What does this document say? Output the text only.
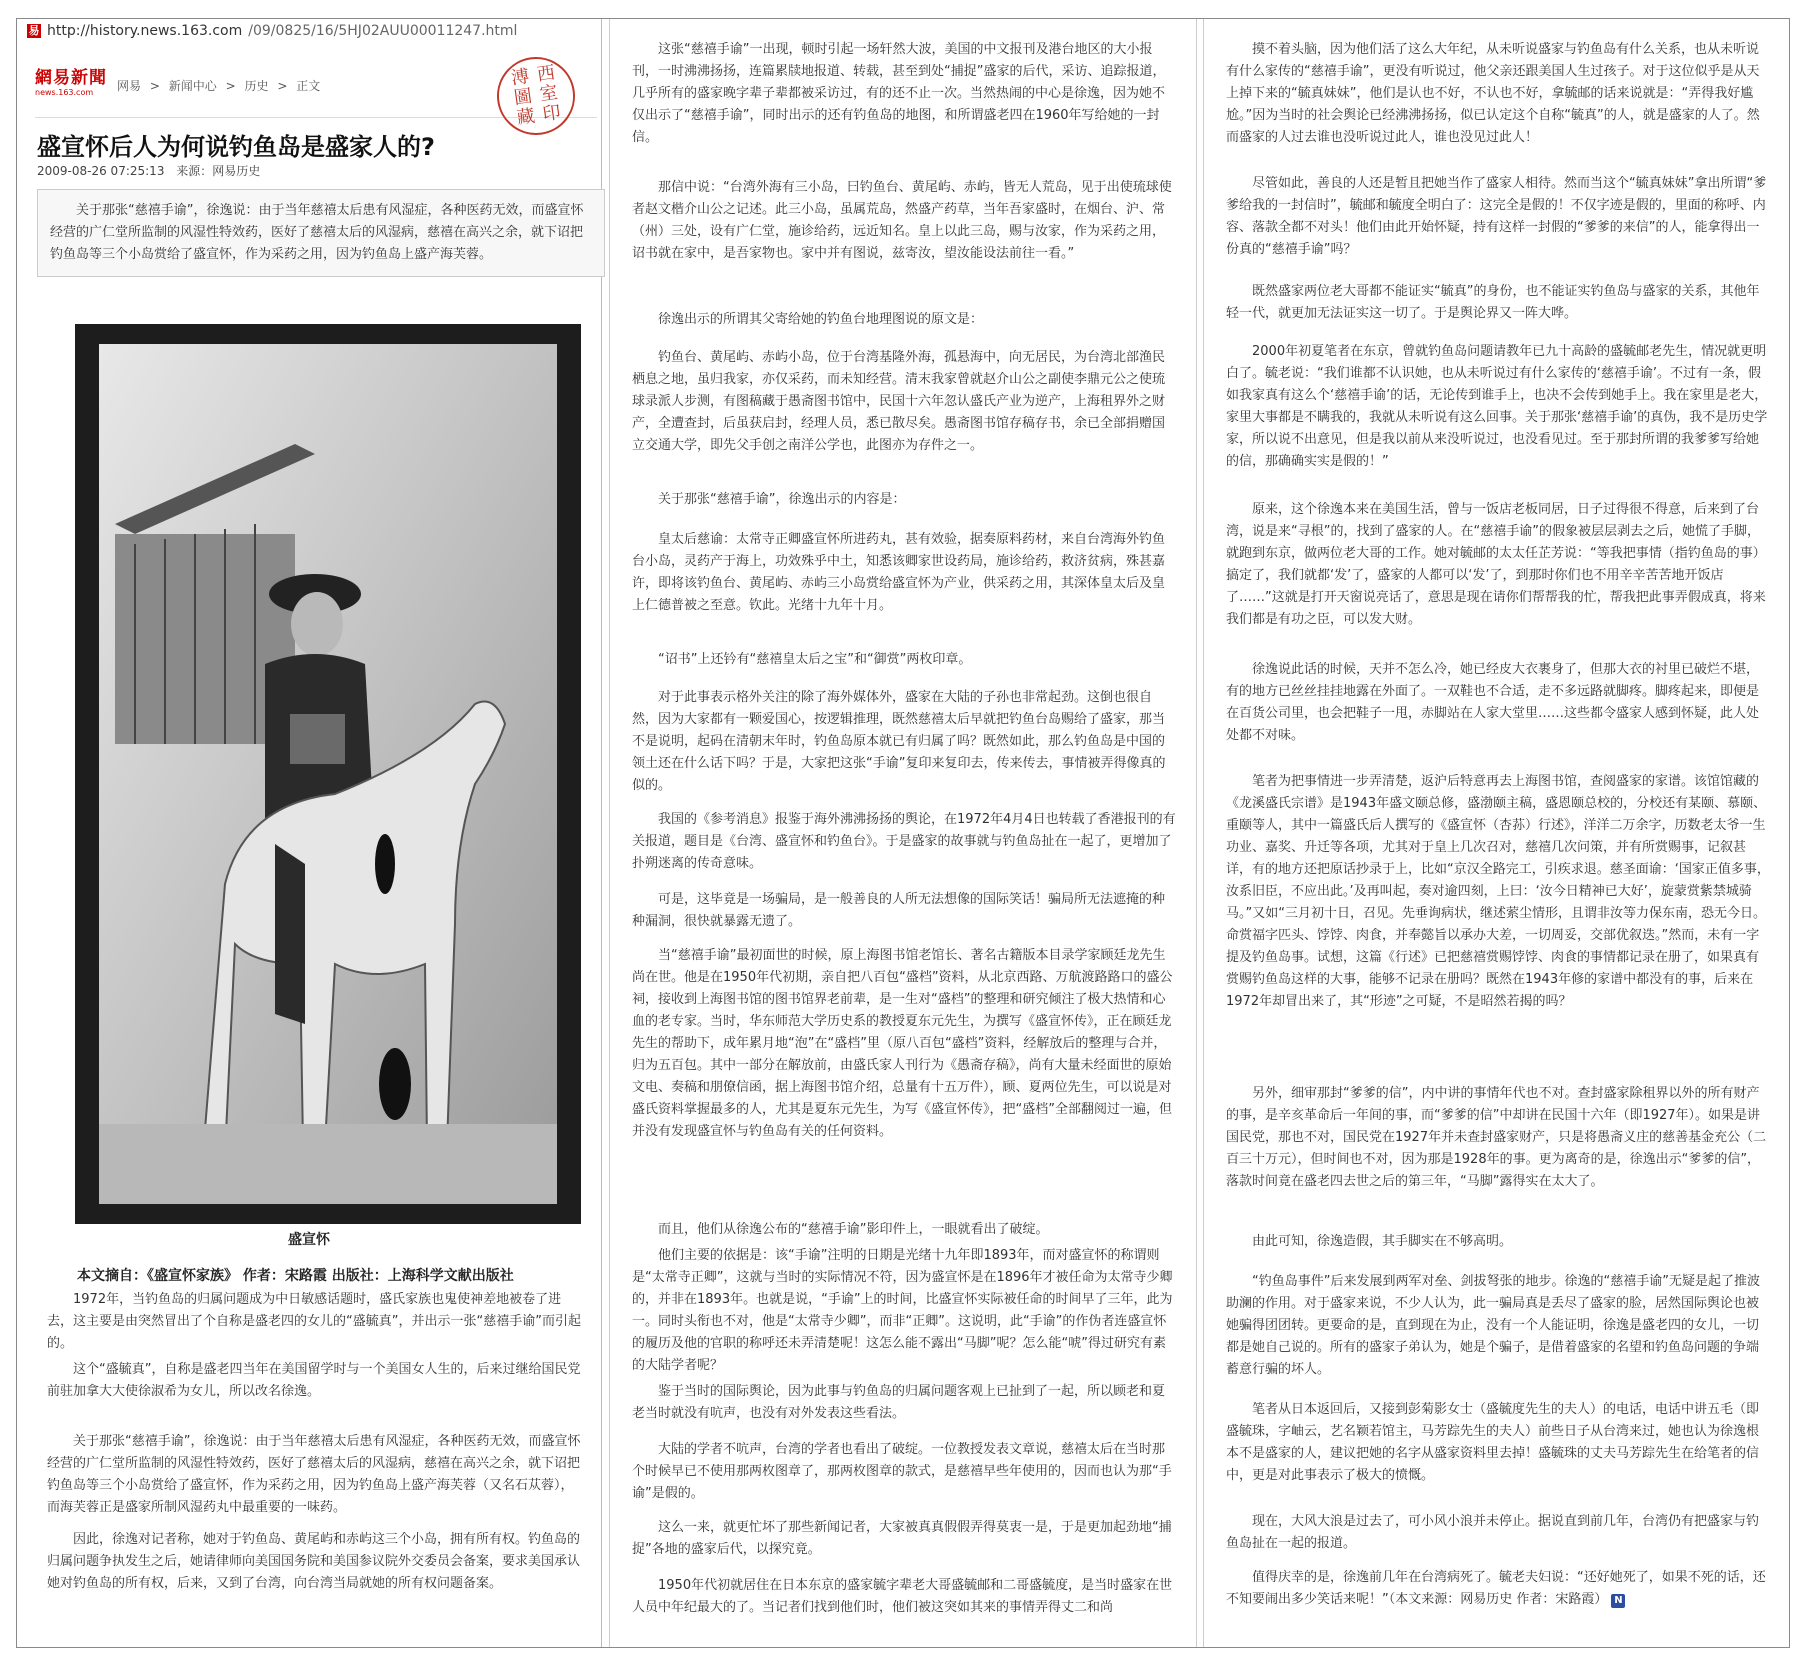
易 http://history.news.163.com /09/0825/16/5HJ02AUU00011247.html
網易新聞
news.163.com	网易 > 新闻中心 > 历史 > 正文	溥 西
圖 室
藏 印
盛宣怀后人为何说钓鱼岛是盛家人的?
2009-08-26 07:25:13 来源：网易历史
关于那张“慈禧手谕”，徐逸说：由于当年慈禧太后患有风湿症，各种医药无效，而盛宣怀经营的广仁堂所监制的风湿性特效药，医好了慈禧太后的风湿病，慈禧在高兴之余，就下诏把钓鱼岛等三个小岛赏给了盛宣怀，作为采药之用，因为钓鱼岛上盛产海芙蓉。
盛宣怀
本文摘自：《盛宣怀家族》 作者：宋路霞 出版社：上海科学文献出版社

1972年，当钓鱼岛的归属问题成为中日敏感话题时，盛氏家族也鬼使神差地被卷了进去，这主要是由突然冒出了个自称是盛老四的女儿的“盛毓真”，并出示一张“慈禧手谕”而引起的。

这个“盛毓真”，自称是盛老四当年在美国留学时与一个美国女人生的，后来过继给国民党前驻加拿大大使徐淑希为女儿，所以改名徐逸。

关于那张“慈禧手谕”，徐逸说：由于当年慈禧太后患有风湿症，各种医药无效，而盛宣怀经营的广仁堂所监制的风湿性特效药，医好了慈禧太后的风湿病，慈禧在高兴之余，就下诏把钓鱼岛等三个小岛赏给了盛宣怀，作为采药之用，因为钓鱼岛上盛产海芙蓉（又名石苁蓉），而海芙蓉正是盛家所制风湿药丸中最重要的一味药。

因此，徐逸对记者称，她对于钓鱼岛、黄尾屿和赤屿这三个小岛，拥有所有权。钓鱼岛的归属问题争执发生之后，她请律师向美国国务院和美国参议院外交委员会备案，要求美国承认她对钓鱼岛的所有权，后来，又到了台湾，向台湾当局就她的所有权问题备案。

这张“慈禧手谕”一出现，顿时引起一场轩然大波，美国的中文报刊及港台地区的大小报刊，一时沸沸扬扬，连篇累牍地报道、转载，甚至到处“捕捉”盛家的后代，采访、追踪报道，几乎所有的盛家晚字辈子辈都被采访过，有的还不止一次。当然热闹的中心是徐逸，因为她不仅出示了“慈禧手谕”，同时出示的还有钓鱼岛的地图，和所谓盛老四在1960年写给她的一封信。

那信中说：“台湾外海有三小岛，曰钓鱼台、黄尾屿、赤屿，皆无人荒岛，见于出使琉球使者赵文楷介山公之记述。此三小岛，虽属荒岛，然盛产药草，当年吾家盛时，在烟台、沪、常（州）三处，设有广仁堂，施诊给药，远近知名。皇上以此三岛，赐与汝家，作为采药之用，诏书就在家中，是吾家物也。家中并有图说，兹寄汝，望汝能设法前往一看。”

徐逸出示的所谓其父寄给她的钓鱼台地理图说的原文是：

钓鱼台、黄尾屿、赤屿小岛，位于台湾基隆外海，孤悬海中，向无居民，为台湾北部渔民栖息之地，虽归我家，亦仅采药，而未知经营。清末我家曾就赵介山公之副使李鼎元公之使琉球录派人步测，有图稿藏于愚斋图书馆中，民国十六年忽认盛氏产业为逆产，上海租界外之财产，全遭查封，后虽获启封，经理人员，悉已散尽矣。愚斋图书馆存稿存书，余已全部捐赠国立交通大学，即先父手创之南洋公学也，此图亦为存件之一。

关于那张“慈禧手谕”，徐逸出示的内容是：

皇太后慈谕：太常寺正卿盛宣怀所进药丸，甚有效验，据奏原料药材，来自台湾海外钓鱼台小岛，灵药产于海上，功效殊乎中土，知悉该卿家世设药局，施诊给药，救济贫病，殊甚嘉许，即将该钓鱼台、黄尾屿、赤屿三小岛赏给盛宣怀为产业，供采药之用，其深体皇太后及皇上仁德普被之至意。钦此。光绪十九年十月。

“诏书”上还钤有“慈禧皇太后之宝”和“御赏”两枚印章。

对于此事表示格外关注的除了海外媒体外，盛家在大陆的子孙也非常起劲。这倒也很自然，因为大家都有一颗爱国心，按逻辑推理，既然慈禧太后早就把钓鱼台岛赐给了盛家，那当不是说明，起码在清朝末年时，钓鱼岛原本就已有归属了吗？既然如此，那么钓鱼岛是中国的领土还在什么话下吗？于是，大家把这张“手谕”复印来复印去，传来传去，事情被弄得像真的似的。

我国的《参考消息》报鉴于海外沸沸扬扬的舆论，在1972年4月4日也转载了香港报刊的有关报道，题目是《台湾、盛宣怀和钓鱼台》。于是盛家的故事就与钓鱼岛扯在一起了，更增加了扑朔迷离的传奇意味。

可是，这毕竟是一场骗局，是一般善良的人所无法想像的国际笑话！骗局所无法遮掩的种种漏洞，很快就暴露无遗了。

当“慈禧手谕”最初面世的时候，原上海图书馆老馆长、著名古籍版本目录学家顾廷龙先生尚在世。他是在1950年代初期，亲自把八百包“盛档”资料，从北京西路、万航渡路路口的盛公祠，接收到上海图书馆的图书馆界老前辈，是一生对“盛档”的整理和研究倾注了极大热情和心血的老专家。当时，华东师范大学历史系的教授夏东元先生，为撰写《盛宣怀传》，正在顾廷龙先生的帮助下，成年累月地“泡”在“盛档”里（原八百包“盛档”资料，经解放后的整理与合并，归为五百包。其中一部分在解放前，由盛氏家人刊行为《愚斋存稿》，尚有大量未经面世的原始文电、奏稿和朋僚信函，据上海图书馆介绍，总量有十五万件），顾、夏两位先生，可以说是对盛氏资料掌握最多的人，尤其是夏东元先生，为写《盛宣怀传》，把“盛档”全部翻阅过一遍，但并没有发现盛宣怀与钓鱼岛有关的任何资料。

而且，他们从徐逸公布的“慈禧手谕”影印件上，一眼就看出了破绽。

他们主要的依据是：该“手谕”注明的日期是光绪十九年即1893年，而对盛宣怀的称谓则是“太常寺正卿”，这就与当时的实际情况不符，因为盛宣怀是在1896年才被任命为太常寺少卿的，并非在1893年。也就是说，“手谕”上的时间，比盛宣怀实际被任命的时间早了三年，此为一。同时头衔也不对，他是“太常寺少卿”，而非“正卿”。这说明，此“手谕”的作伪者连盛宣怀的履历及他的官职的称呼还未弄清楚呢！这怎么能不露出“马脚”呢？怎么能“唬”得过研究有素的大陆学者呢？

鉴于当时的国际舆论，因为此事与钓鱼岛的归属问题客观上已扯到了一起，所以顾老和夏老当时就没有吭声，也没有对外发表这些看法。

大陆的学者不吭声，台湾的学者也看出了破绽。一位教授发表文章说，慈禧太后在当时那个时候早已不使用那两枚图章了，那两枚图章的款式，是慈禧早些年使用的，因而也认为那“手谕”是假的。

这么一来，就更忙坏了那些新闻记者，大家被真真假假弄得莫衷一是，于是更加起劲地“捕捉”各地的盛家后代，以探究竟。

1950年代初就居住在日本东京的盛家毓字辈老大哥盛毓邮和二哥盛毓度，是当时盛家在世人员中年纪最大的了。当记者们找到他们时，他们被这突如其来的事情弄得丈二和尚

摸不着头脑，因为他们活了这么大年纪，从未听说盛家与钓鱼岛有什么关系，也从未听说有什么家传的“慈禧手谕”，更没有听说过，他父亲还跟美国人生过孩子。对于这位似乎是从天上掉下来的“毓真妹妹”，他们是认也不好，不认也不好，拿毓邮的话来说就是：“弄得我好尴尬。”因为当时的社会舆论已经沸沸扬扬，似已认定这个自称“毓真”的人，就是盛家的人了。然而盛家的人过去谁也没听说过此人，谁也没见过此人！

尽管如此，善良的人还是暂且把她当作了盛家人相待。然而当这个“毓真妹妹”拿出所谓“爹爹给我的一封信时”，毓邮和毓度全明白了：这完全是假的！不仅字迹是假的，里面的称呼、内容、落款全都不对头！他们由此开始怀疑，持有这样一封假的“爹爹的来信”的人，能拿得出一份真的“慈禧手谕”吗？

既然盛家两位老大哥都不能证实“毓真”的身份，也不能证实钓鱼岛与盛家的关系，其他年轻一代，就更加无法证实这一切了。于是舆论界又一阵大哗。

2000年初夏笔者在东京，曾就钓鱼岛问题请教年已九十高龄的盛毓邮老先生，情况就更明白了。毓老说：“我们谁都不认识她，也从未听说过有什么家传的‘慈禧手谕’。不过有一条，假如我家真有这么个‘慈禧手谕’的话，无论传到谁手上，也决不会传到她手上。我在家里是老大，家里大事都是不瞒我的，我就从未听说有这么回事。关于那张‘慈禧手谕’的真伪，我不是历史学家，所以说不出意见，但是我以前从来没听说过，也没看见过。至于那封所谓的我爹爹写给她的信，那确确实实是假的！”

原来，这个徐逸本来在美国生活，曾与一饭店老板同居，日子过得很不得意，后来到了台湾，说是来“寻根”的，找到了盛家的人。在“慈禧手谕”的假象被层层剥去之后，她慌了手脚，就跑到东京，做两位老大哥的工作。她对毓邮的太太任芷芳说：“等我把事情（指钓鱼岛的事）搞定了，我们就都‘发’了，盛家的人都可以‘发’了，到那时你们也不用辛辛苦苦地开饭店了……”这就是打开天窗说亮话了，意思是现在请你们帮帮我的忙，帮我把此事弄假成真，将来我们都是有功之臣，可以发大财。

徐逸说此话的时候，天并不怎么冷，她已经皮大衣裹身了，但那大衣的衬里已破烂不堪，有的地方已丝丝挂挂地露在外面了。一双鞋也不合适，走不多远路就脚疼。脚疼起来，即便是在百货公司里，也会把鞋子一甩，赤脚站在人家大堂里……这些都令盛家人感到怀疑，此人处处都不对味。

笔者为把事情进一步弄清楚，返沪后特意再去上海图书馆，查阅盛家的家谱。该馆馆藏的《龙溪盛氏宗谱》是1943年盛文颐总修，盛渤颐主稿，盛恩颐总校的，分校还有某颐、慕颐、重颐等人，其中一篇盛氏后人撰写的《盛宣怀（杏荪）行述》，洋洋二万余字，历数老太爷一生功业、嘉奖、升迁等各项，尤其对于皇上几次召对，慈禧几次问策，并有所赏赐事，记叙甚详，有的地方还把原话抄录于上，比如“京汉全路完工，引疾求退。慈圣面谕：‘国家正值多事，汝系旧臣，不应出此。’及再叫起，奏对逾四刻，上曰：‘汝今日精神已大好’，旋蒙赏紫禁城骑马。”又如“三月初十日，召见。先垂询病状，继述萦尘情形，且谓非汝等力保东南，恐无今日。命赏福字匹头、饽饽、肉食，并奉懿旨以承办大差，一切周妥，交部优叙迭。”然而，未有一字提及钓鱼岛事。试想，这篇《行述》已把慈禧赏赐饽饽、肉食的事情都记录在册了，如果真有赏赐钓鱼岛这样的大事，能够不记录在册吗？既然在1943年修的家谱中都没有的事，后来在1972年却冒出来了，其“形迹”之可疑，不是昭然若揭的吗？

另外，细审那封“爹爹的信”，内中讲的事情年代也不对。查封盛家除租界以外的所有财产的事，是辛亥革命后一年间的事，而“爹爹的信”中却讲在民国十六年（即1927年）。如果是讲国民党，那也不对，国民党在1927年并未查封盛家财产，只是将愚斋义庄的慈善基金充公（二百三十万元），但时间也不对，因为那是1928年的事。更为离奇的是，徐逸出示“爹爹的信”，落款时间竟在盛老四去世之后的第三年，“马脚”露得实在太大了。

由此可知，徐逸造假，其手脚实在不够高明。

“钓鱼岛事件”后来发展到两军对垒、剑拔弩张的地步。徐逸的“慈禧手谕”无疑是起了推波助澜的作用。对于盛家来说，不少人认为，此一骗局真是丢尽了盛家的脸，居然国际舆论也被她骗得团团转。更要命的是，直到现在为止，没有一个人能证明，徐逸是盛老四的女儿，一切都是她自己说的。所有的盛家子弟认为，她是个骗子，是借着盛家的名望和钓鱼岛问题的争端蓄意行骗的坏人。

笔者从日本返回后，又接到彭菊影女士（盛毓度先生的夫人）的电话，电话中讲五毛（即盛毓珠，字岫云，艺名颖若馆主，马芳踪先生的夫人）前些日子从台湾来过，她也认为徐逸根本不是盛家的人，建议把她的名字从盛家资料里去掉！盛毓珠的丈夫马芳踪先生在给笔者的信中，更是对此事表示了极大的愤慨。

现在，大风大浪是过去了，可小风小浪并未停止。据说直到前几年，台湾仍有把盛家与钓鱼岛扯在一起的报道。

值得庆幸的是，徐逸前几年在台湾病死了。毓老夫妇说：“还好她死了，如果不死的话，还不知要闹出多少笑话来呢！”（本文来源：网易历史 作者：宋路霞） N
